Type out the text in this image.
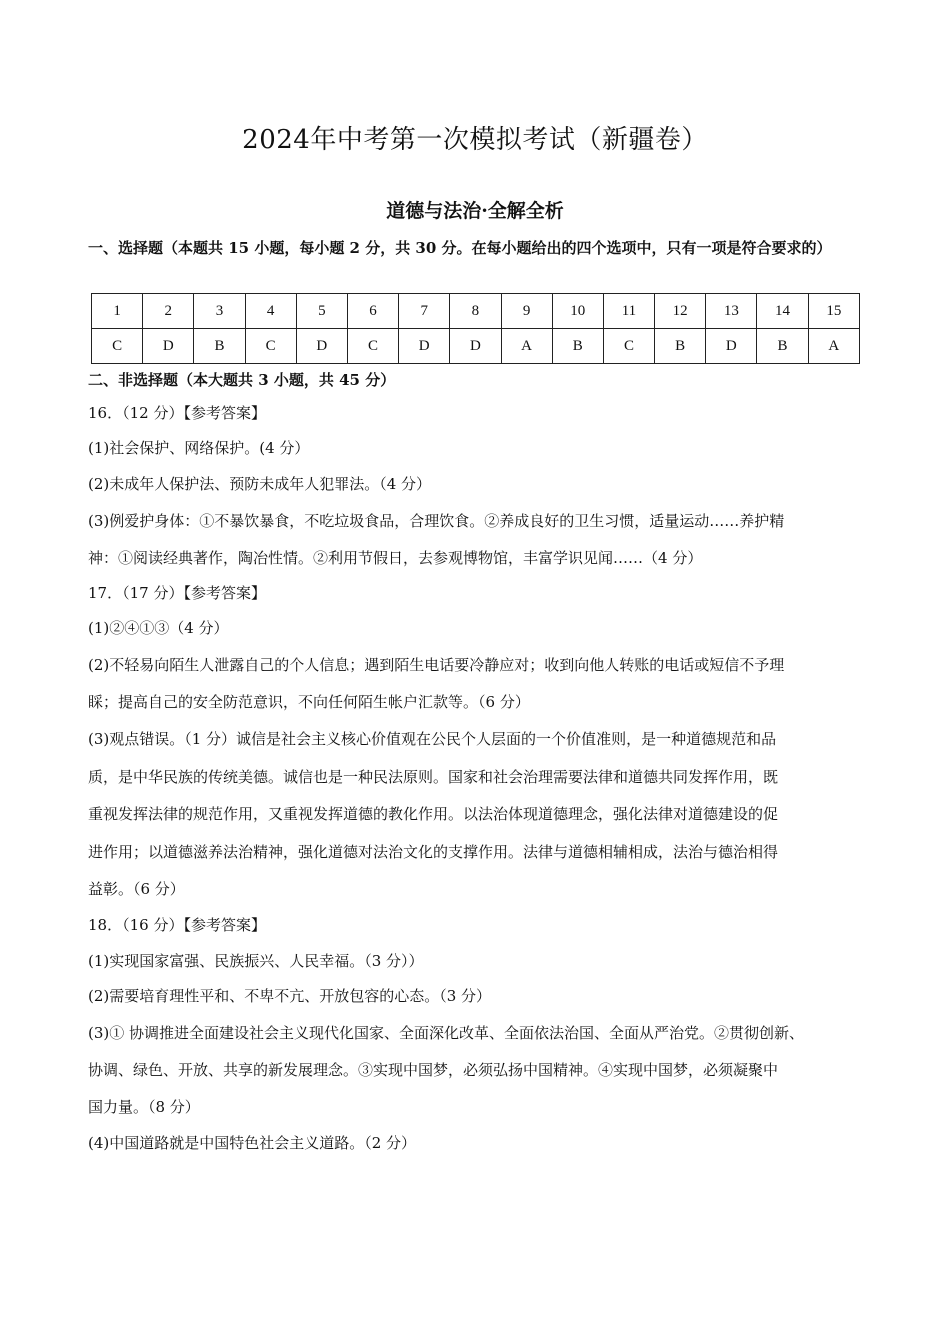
2024年中考第一次模拟考试（新疆卷）
道德与法治·全解全析
一、选择题（本题共 15 小题，每小题 2 分，共 30 分。在每小题给出的四个选项中，只有一项是符合要求的）
1	2	3	4	5	6	7	8	9	10	11	12	13	14	15
C	D	B	C	D	C	D	D	A	B	C	B	D	B	A
二、非选择题（本大题共 3 小题，共 45 分）
16．（12 分）【参考答案】
(1)社会保护、网络保护。(4 分）
(2)未成年人保护法、预防未成年人犯罪法。（4 分）
(3)例爱护身体：①不暴饮暴食，不吃垃圾食品，合理饮食。②养成良好的卫生习惯，适量运动……养护精
神：①阅读经典著作，陶冶性情。②利用节假日，去参观博物馆，丰富学识见闻……（4 分）
17．（17 分）【参考答案】
(1)②④①③（4 分）
(2)不轻易向陌生人泄露自己的个人信息；遇到陌生电话要冷静应对；收到向他人转账的电话或短信不予理
睬；提高自己的安全防范意识，不向任何陌生帐户汇款等。（6 分）
(3)观点错误。（1 分）诚信是社会主义核心价值观在公民个人层面的一个价值准则，是一种道德规范和品
质，是中华民族的传统美德。诚信也是一种民法原则。国家和社会治理需要法律和道德共同发挥作用，既
重视发挥法律的规范作用，又重视发挥道德的教化作用。以法治体现道德理念，强化法律对道德建设的促
进作用；以道德滋养法治精神，强化道德对法治文化的支撑作用。法律与道德相辅相成，法治与德治相得
益彰。（6 分）
18．（16 分）【参考答案】
(1)实现国家富强、民族振兴、人民幸福。（3 分））
(2)需要培育理性平和、不卑不亢、开放包容的心态。（3 分）
(3)① 协调推进全面建设社会主义现代化国家、全面深化改革、全面依法治国、全面从严治党。②贯彻创新、
协调、绿色、开放、共享的新发展理念。③实现中国梦，必须弘扬中国精神。④实现中国梦，必须凝聚中
国力量。（8 分）
(4)中国道路就是中国特色社会主义道路。（2 分）
